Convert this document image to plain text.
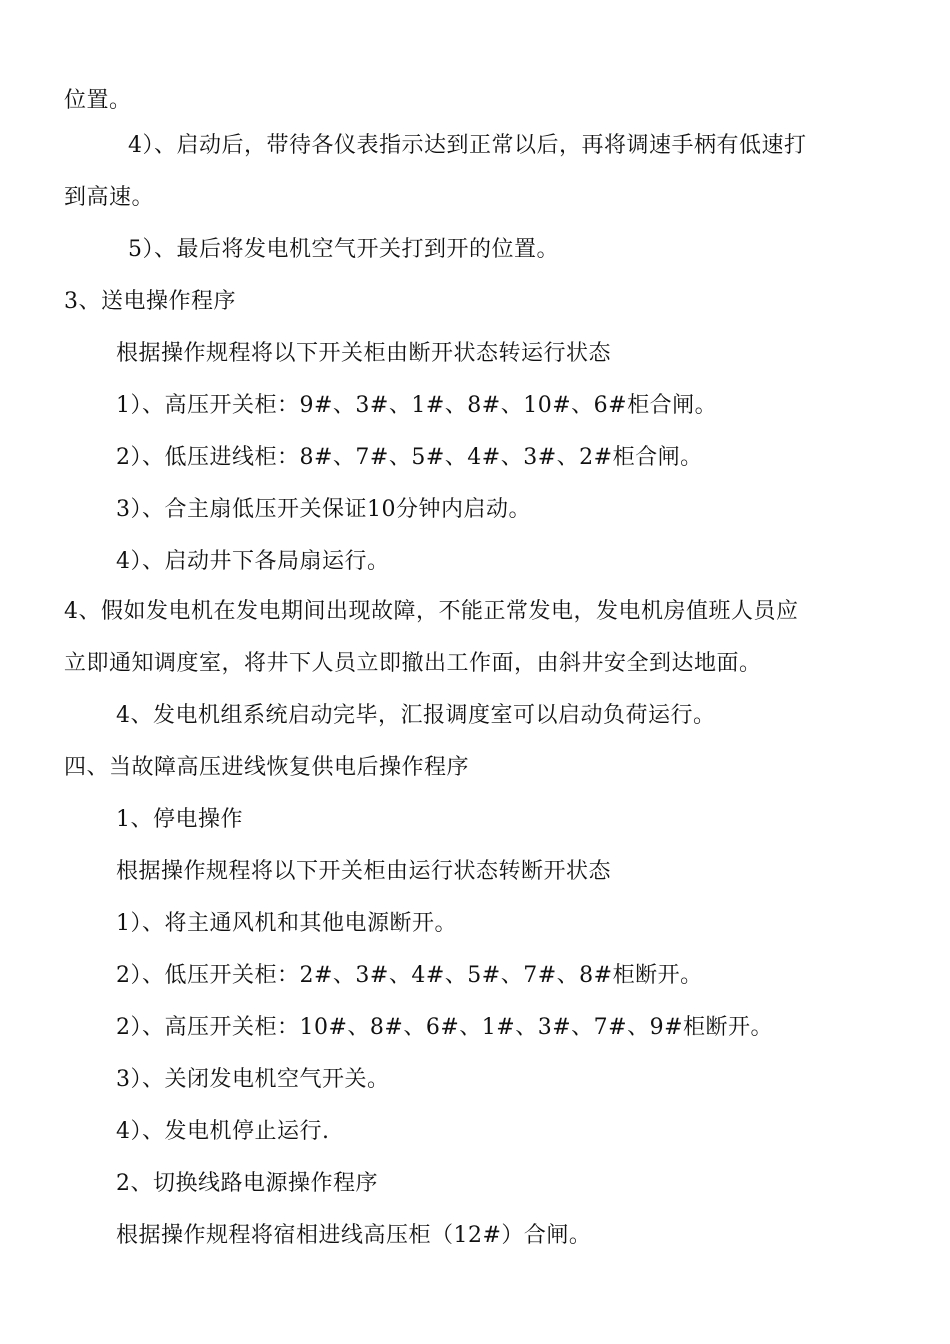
位置。
4）、启动后，带待各仪表指示达到正常以后，再将调速手柄有低速打
到高速。
5）、最后将发电机空气开关打到开的位置。
3、送电操作程序
根据操作规程将以下开关柜由断开状态转运行状态
1）、高压开关柜：9#、3#、1#、8#、10#、6#柜合闸。
2）、低压进线柜：8#、7#、5#、4#、3#、2#柜合闸。
3）、合主扇低压开关保证10分钟内启动。
4）、启动井下各局扇运行。
4、假如发电机在发电期间出现故障，不能正常发电，发电机房值班人员应
立即通知调度室，将井下人员立即撤出工作面，由斜井安全到达地面。
4、发电机组系统启动完毕，汇报调度室可以启动负荷运行。
四、当故障高压进线恢复供电后操作程序
1、停电操作
根据操作规程将以下开关柜由运行状态转断开状态
1）、将主通风机和其他电源断开。
2）、低压开关柜：2#、3#、4#、5#、7#、8#柜断开。
2）、高压开关柜：10#、8#、6#、1#、3#、7#、9#柜断开。
3）、关闭发电机空气开关。
4）、发电机停止运行.
2、切换线路电源操作程序
根据操作规程将宿相进线高压柜（12#）合闸。
